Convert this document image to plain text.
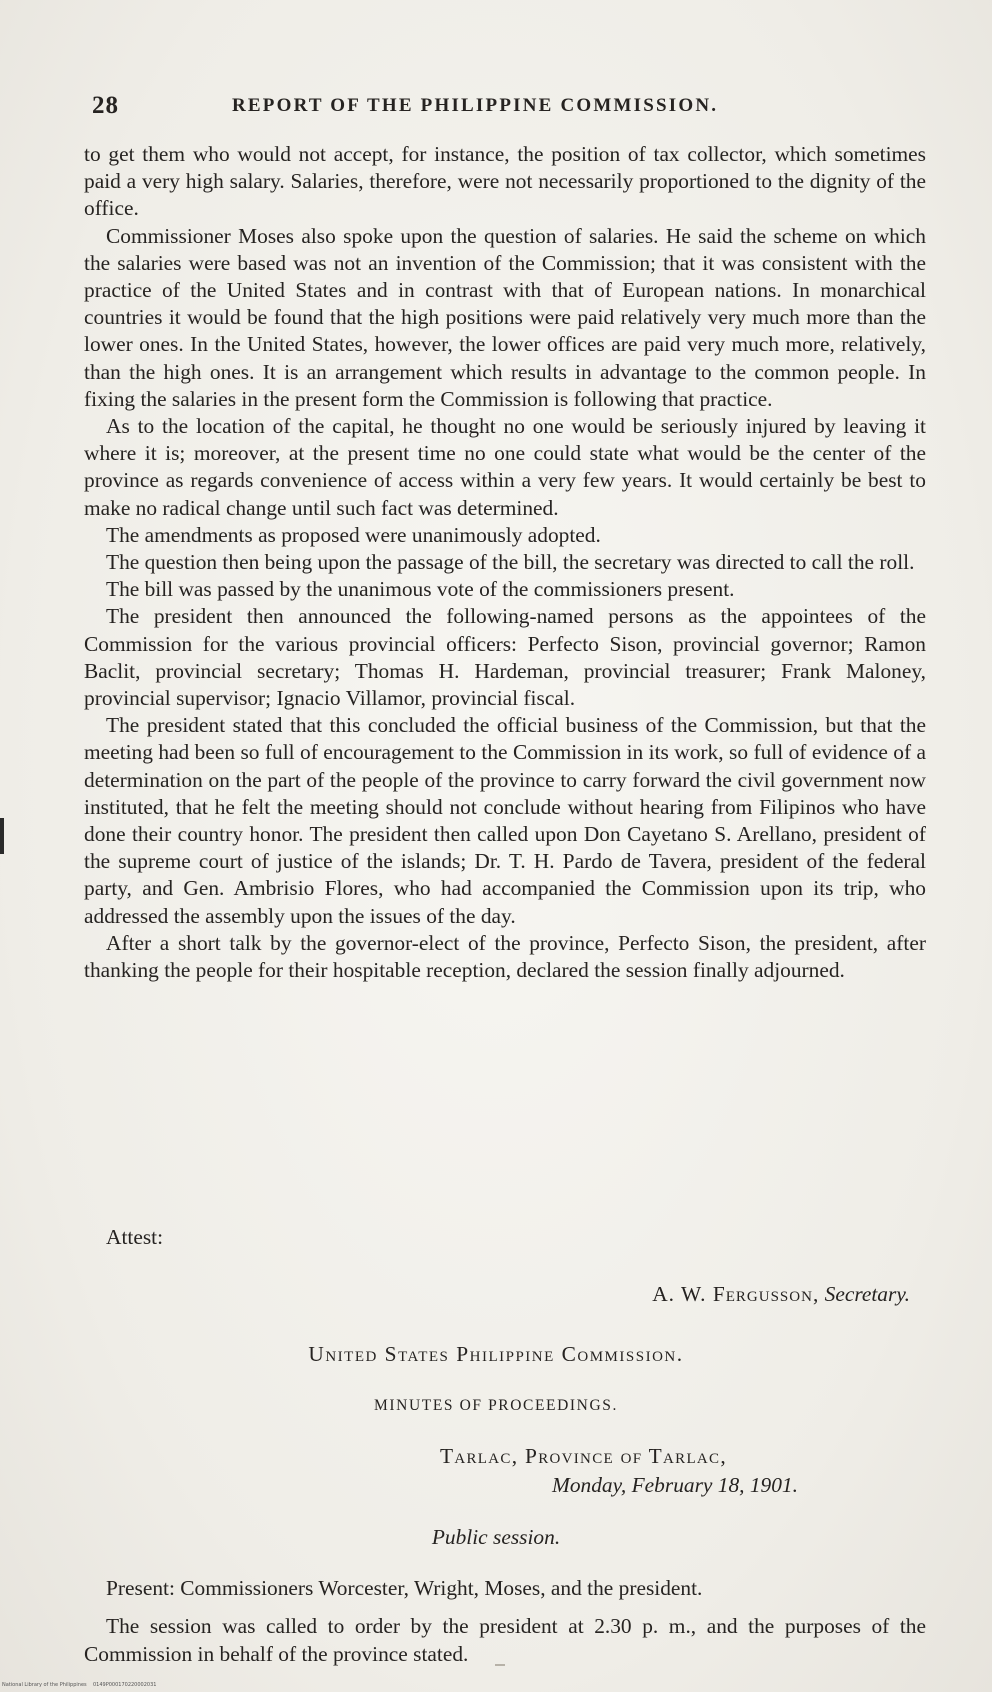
28	REPORT OF THE PHILIPPINE COMMISSION.

to get them who would not accept, for instance, the position of tax collector, which sometimes paid a very high salary. Salaries, therefore, were not necessarily proportioned to the dignity of the office.

Commissioner Moses also spoke upon the question of salaries. He said the scheme on which the salaries were based was not an invention of the Commission; that it was consistent with the practice of the United States and in contrast with that of European nations. In monarchical countries it would be found that the high positions were paid relatively very much more than the lower ones. In the United States, however, the lower offices are paid very much more, relatively, than the high ones. It is an arrangement which results in advantage to the common people. In fixing the salaries in the present form the Commission is following that practice.

As to the location of the capital, he thought no one would be seriously injured by leaving it where it is; moreover, at the present time no one could state what would be the center of the province as regards convenience of access within a very few years. It would certainly be best to make no radical change until such fact was determined.

The amendments as proposed were unanimously adopted.

The question then being upon the passage of the bill, the secretary was directed to call the roll.

The bill was passed by the unanimous vote of the commissioners present.

The president then announced the following-named persons as the appointees of the Commission for the various provincial officers: Perfecto Sison, provincial governor; Ramon Baclit, provincial secretary; Thomas H. Hardeman, provincial treasurer; Frank Maloney, provincial supervisor; Ignacio Villamor, provincial fiscal.

The president stated that this concluded the official business of the Commission, but that the meeting had been so full of encouragement to the Commission in its work, so full of evidence of a determination on the part of the people of the province to carry forward the civil government now instituted, that he felt the meeting should not conclude without hearing from Filipinos who have done their country honor. The president then called upon Don Cayetano S. Arellano, president of the supreme court of justice of the islands; Dr. T. H. Pardo de Tavera, president of the federal party, and Gen. Ambrisio Flores, who had accompanied the Commission upon its trip, who addressed the assembly upon the issues of the day.

After a short talk by the governor-elect of the province, Perfecto Sison, the president, after thanking the people for their hospitable reception, declared the session finally adjourned.

Attest:
A. W. Fergusson, Secretary.
United States Philippine Commission.
MINUTES OF PROCEEDINGS.
Tarlac, Province of Tarlac,
Monday, February 18, 1901.
Public session.

Present: Commissioners Worcester, Wright, Moses, and the president.

The session was called to order by the president at 2.30 p. m., and the purposes of the Commission in behalf of the province stated.

National Library of the Philippines    0149P000170220002031
